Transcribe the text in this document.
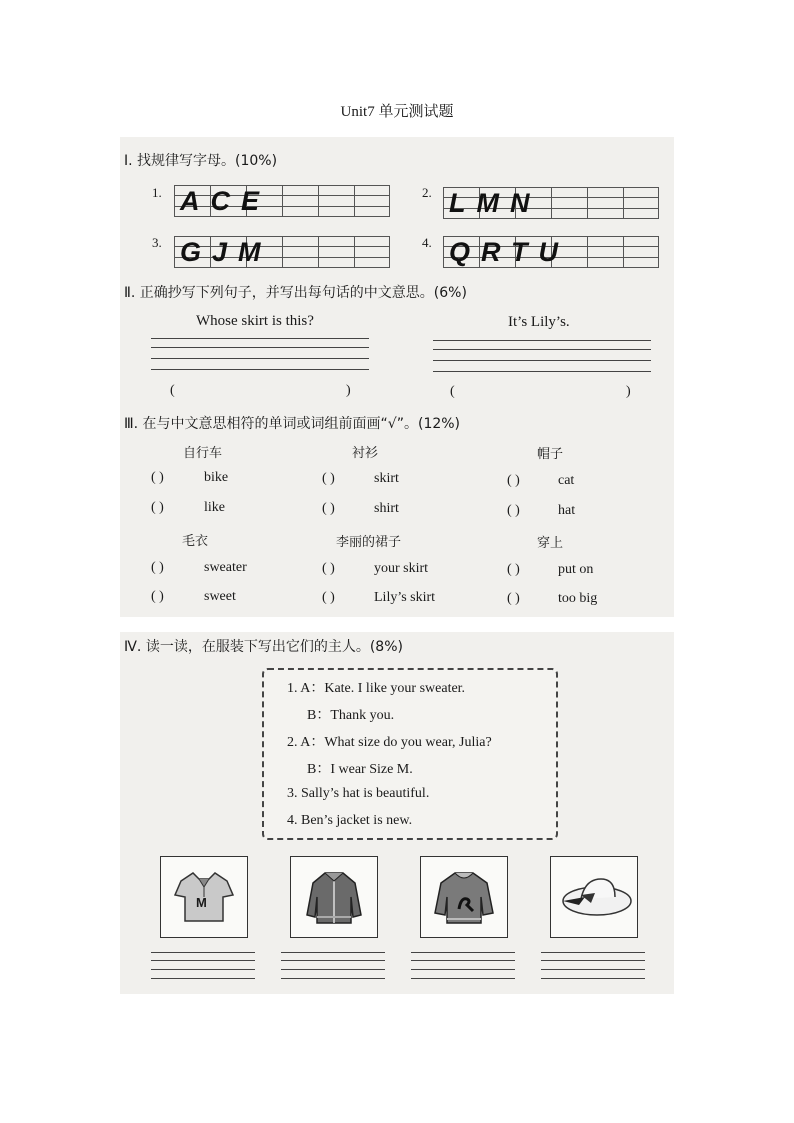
Unit7 单元测试题
Ⅰ. 找规律写字母。(10%)
1. ACE	2. LMN
3. GJM	4. QRTU
Ⅱ. 正确抄写下列句子，并写出每句话的中文意思。(6%)
Whose skirt is this?	It’s Lily’s.
(	)	(	)
Ⅲ. 在与中文意思相符的单词或词组前面画“√”。(12%)
自行车
( )	bike
( )	like
衬衫
( )	skirt
( )	shirt
帽子
( )	cat
( )	hat
毛衣
( )	sweater
( )	sweet
李丽的裙子
( )	your skirt
( )	Lily’s skirt
穿上
( )	put on
( )	too big
Ⅳ. 读一读，在服装下写出它们的主人。(8%)
1. A：Kate. I like your sweater.
B：Thank you.
2. A：What size do you wear, Julia?
B：I wear Size M.
3. Sally’s hat is beautiful.
4. Ben’s jacket is new.
M
